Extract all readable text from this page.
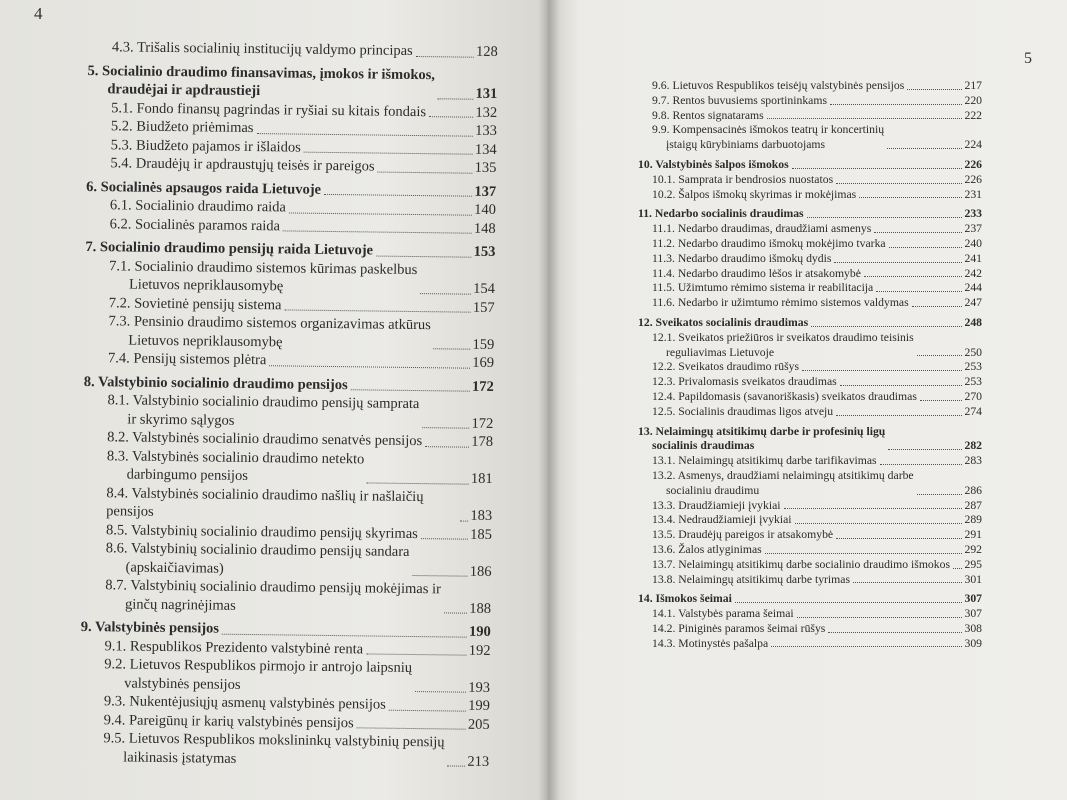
4
4.3. Trišalis socialinių institucijų valdymo principas	128
5. Socialinio draudimo finansavimas, įmokos ir išmokos,
draudėjai ir apdraustieji	131
5.1. Fondo finansų pagrindas ir ryšiai su kitais fondais	132
5.2. Biudžeto priėmimas	133
5.3. Biudžeto pajamos ir išlaidos	134
5.4. Draudėjų ir apdraustųjų teisės ir pareigos	135
6. Socialinės apsaugos raida Lietuvoje	137
6.1. Socialinio draudimo raida	140
6.2. Socialinės paramos raida	148
7. Socialinio draudimo pensijų raida Lietuvoje	153
7.1. Socialinio draudimo sistemos kūrimas paskelbus
Lietuvos nepriklausomybę	154
7.2. Sovietinė pensijų sistema	157
7.3. Pensinio draudimo sistemos organizavimas atkūrus
Lietuvos nepriklausomybę	159
7.4. Pensijų sistemos plėtra	169
8. Valstybinio socialinio draudimo pensijos	172
8.1. Valstybinio socialinio draudimo pensijų samprata
ir skyrimo sąlygos	172
8.2. Valstybinės socialinio draudimo senatvės pensijos	178
8.3. Valstybinės socialinio draudimo netekto
darbingumo pensijos	181
8.4. Valstybinės socialinio draudimo našlių ir našlaičių pensijos	183
8.5. Valstybinių socialinio draudimo pensijų skyrimas	185
8.6. Valstybinių socialinio draudimo pensijų sandara
(apskaičiavimas)	186
8.7. Valstybinių socialinio draudimo pensijų mokėjimas ir
ginčų nagrinėjimas	188
9. Valstybinės pensijos	190
9.1. Respublikos Prezidento valstybinė renta	192
9.2. Lietuvos Respublikos pirmojo ir antrojo laipsnių
valstybinės pensijos	193
9.3. Nukentėjusiųjų asmenų valstybinės pensijos	199
9.4. Pareigūnų ir karių valstybinės pensijos	205
9.5. Lietuvos Respublikos mokslininkų valstybinių pensijų
laikinasis įstatymas	213
5
9.6. Lietuvos Respublikos teisėjų valstybinės pensijos	217
9.7. Rentos buvusiems sportininkams	220
9.8. Rentos signatarams	222
9.9. Kompensacinės išmokos teatrų ir koncertinių
įstaigų kūrybiniams darbuotojams	224
10. Valstybinės šalpos išmokos	226
10.1. Samprata ir bendrosios nuostatos	226
10.2. Šalpos išmokų skyrimas ir mokėjimas	231
11. Nedarbo socialinis draudimas	233
11.1. Nedarbo draudimas, draudžiami asmenys	237
11.2. Nedarbo draudimo išmokų mokėjimo tvarka	240
11.3. Nedarbo draudimo išmokų dydis	241
11.4. Nedarbo draudimo lėšos ir atsakomybė	242
11.5. Užimtumo rėmimo sistema ir reabilitacija	244
11.6. Nedarbo ir užimtumo rėmimo sistemos valdymas	247
12. Sveikatos socialinis draudimas	248
12.1. Sveikatos priežiūros ir sveikatos draudimo teisinis
reguliavimas Lietuvoje	250
12.2. Sveikatos draudimo rūšys	253
12.3. Privalomasis sveikatos draudimas	253
12.4. Papildomasis (savanoriškasis) sveikatos draudimas	270
12.5. Socialinis draudimas ligos atveju	274
13. Nelaimingų atsitikimų darbe ir profesinių ligų
socialinis draudimas	282
13.1. Nelaimingų atsitikimų darbe tarifikavimas	283
13.2. Asmenys, draudžiami nelaimingų atsitikimų darbe
socialiniu draudimu	286
13.3. Draudžiamieji įvykiai	287
13.4. Nedraudžiamieji įvykiai	289
13.5. Draudėjų pareigos ir atsakomybė	291
13.6. Žalos atlyginimas	292
13.7. Nelaimingų atsitikimų darbe socialinio draudimo išmokos 295
13.8. Nelaimingų atsitikimų darbe tyrimas	301
14. Išmokos šeimai	307
14.1. Valstybės parama šeimai	307
14.2. Piniginės paramos šeimai rūšys	308
14.3. Motinystės pašalpa	309
